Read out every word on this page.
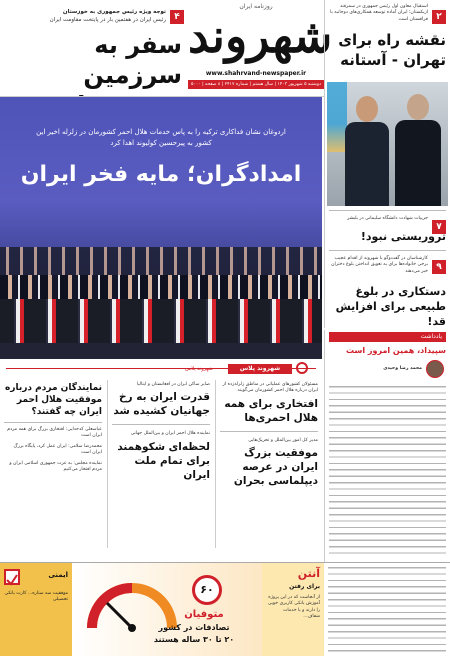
۴
توجه ویژه رئیس جمهوری به خوزستان
رئیس ایران در هفتمین بار در پایتخت مقاومت ایران
سفر به سرزمین
روزنامه ایران
شهروند
www.shahrvand-newspaper.ir
دوشنبه ۵ شهریور ۱۴۰۳ | سال هشتم | شماره ۲۴۱۷ | ۸ صفحه | ۵۰۰۰ تومان
۲
استقبال معاون اول رئیس جمهوری در سمرقند ازبکستان؛ ایران آماده توسعه همکاری‌های دوجانبه با قزاقستان است
نقشه راه برای تهران - آستانه
اردوغان نشان فداکاری ترکیه را به پاس خدمات هلال احمر کشورمان در زلزله اخیر این کشور به پیرحسین کولیوند اهدا کرد
امدادگران؛ مایه فخر ایران
۷
جزییات شهادت دانشگاه سلیمانی در بلبشر
تروریستی نبود!
۹
کارشناسان در گفت‌وگو با شهروند از اقدام عجیب برخی خانواده‌ها برای به تعویق انداختن بلوغ دختران خبر می‌دهند
دستکاری در بلوغ طبیعی برای افزایش قد!
یادداشت
سپیداد، همین امروز است
محمد رضا وحیدی
شهروند پلاس
شهروند پلاس
مسئولان کشورهای عملیاتی در مناطق زلزله‌زده از ایران درباره هلال احمر کشورمان می‌گویند
افتخاری برای همه هلال احمری‌ها
مدیر کل امور بین‌الملل و تحریک‌هایی
موفقیت بزرگ ایران در عرصه دیپلماسی بحران
صابر ساکن ایران در افغانستان و ایتالیا
قدرت ایران به رخ جهانیان کشیده شد
نماینده هلال احمر ایران و بین‌الملل جهانی
لحظه‌ای شکوهمند برای تمام ملت ایران
نمایندگان مردم درباره موفقیت هلال احمر ایران چه گفتند؟
عباسعلی کدخدایی: افتخاری بزرگ برای همه مردم ایران است
محمدرضا سلامی: ایران عمل کرد، پایگاه بزرگ ایران است
نماینده مجلس: به عزت جمهوری اسلامی ایران و مردم افتخار می‌کنیم
ایمنی
موفقیت سه ستاره... کارت بانکی تحصیلی
۶۰
متوفیان
تصادفات در کشور
۲۰ تا ۳۰ ساله هستند
آنتن
برای رفتن
از آنجاست که در این پروژه آموزش بانکی کاربری خوبی را دارند و با خدمات شفاف...
